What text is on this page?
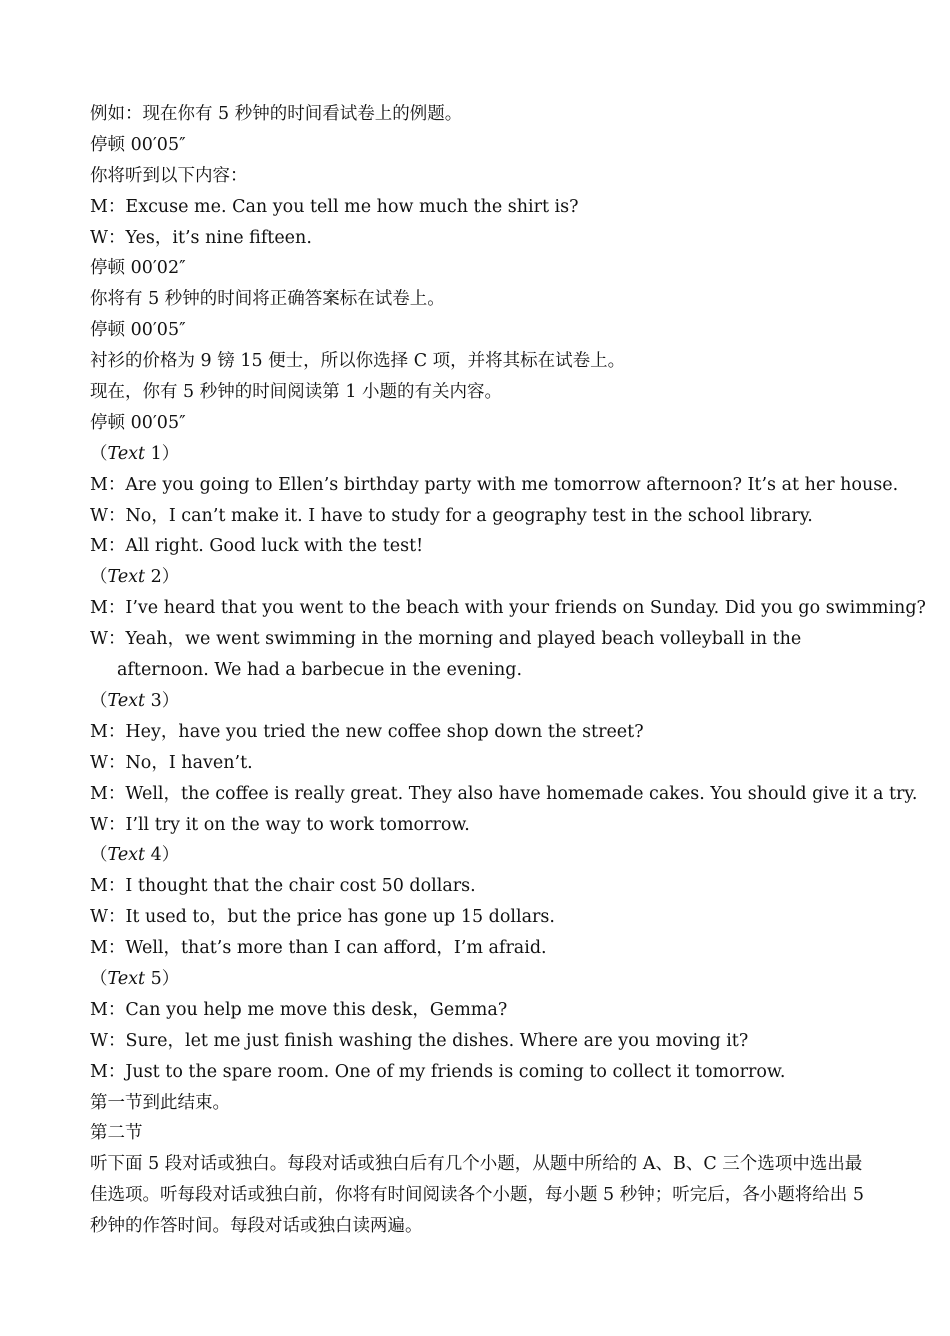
例如：现在你有 5 秒钟的时间看试卷上的例题。
停顿 00′05″
你将听到以下内容：
M：Excuse me. Can you tell me how much the shirt is?
W：Yes，it’s nine fifteen.
停顿 00′02″
你将有 5 秒钟的时间将正确答案标在试卷上。
停顿 00′05″
衬衫的价格为 9 镑 15 便士，所以你选择 C 项，并将其标在试卷上。
现在，你有 5 秒钟的时间阅读第 1 小题的有关内容。
停顿 00′05″
（Text 1）
M：Are you going to Ellen’s birthday party with me tomorrow afternoon? It’s at her house.
W：No，I can’t make it. I have to study for a geography test in the school library.
M：All right. Good luck with the test!
（Text 2）
M：I’ve heard that you went to the beach with your friends on Sunday. Did you go swimming?
W：Yeah，we went swimming in the morning and played beach volleyball in the afternoon. We had a barbecue in the evening.
（Text 3）
M：Hey，have you tried the new coffee shop down the street?
W：No，I haven’t.
M：Well，the coffee is really great. They also have homemade cakes. You should give it a try.
W：I’ll try it on the way to work tomorrow.
（Text 4）
M：I thought that the chair cost 50 dollars.
W：It used to，but the price has gone up 15 dollars.
M：Well，that’s more than I can afford，I’m afraid.
（Text 5）
M：Can you help me move this desk，Gemma?
W：Sure，let me just finish washing the dishes. Where are you moving it?
M：Just to the spare room. One of my friends is coming to collect it tomorrow.
第一节到此结束。
第二节
听下面 5 段对话或独白。每段对话或独白后有几个小题，从题中所给的 A、B、C 三个选项中选出最佳选项。听每段对话或独白前，你将有时间阅读各个小题，每小题 5 秒钟；听完后，各小题将给出 5 秒钟的作答时间。每段对话或独白读两遍。
